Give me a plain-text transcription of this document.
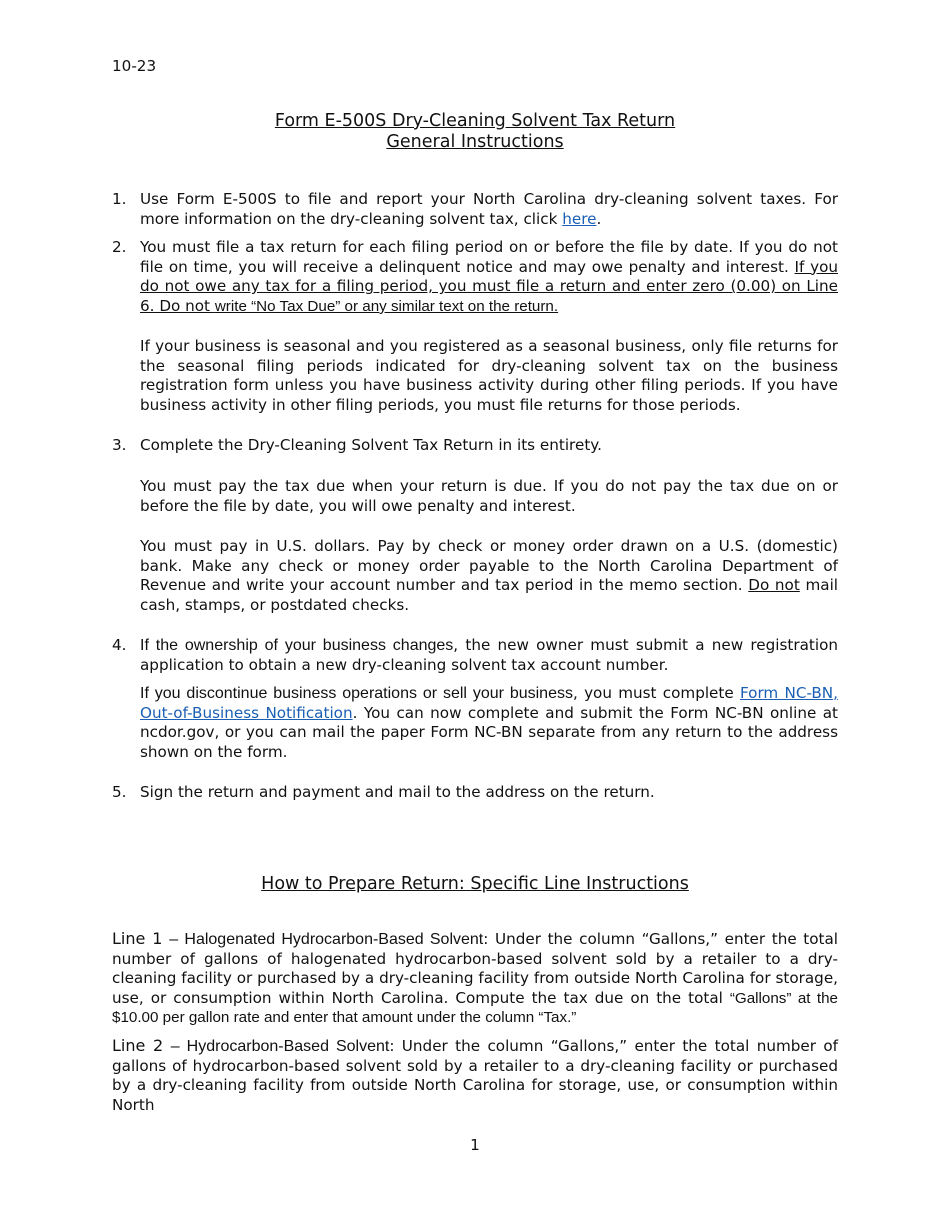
10-23
Form E-500S Dry-Cleaning Solvent Tax Return
General Instructions
1. Use Form E-500S to file and report your North Carolina dry-cleaning solvent taxes. For more information on the dry-cleaning solvent tax, click here.
2. You must file a tax return for each filing period on or before the file by date. If you do not file on time, you will receive a delinquent notice and may owe penalty and interest. If you do not owe any tax for a filing period, you must file a return and enter zero (0.00) on Line 6. Do not write “No Tax Due” or any similar text on the return.
If your business is seasonal and you registered as a seasonal business, only file returns for the seasonal filing periods indicated for dry-cleaning solvent tax on the business registration form unless you have business activity during other filing periods. If you have business activity in other filing periods, you must file returns for those periods.
3. Complete the Dry-Cleaning Solvent Tax Return in its entirety.
You must pay the tax due when your return is due. If you do not pay the tax due on or before the file by date, you will owe penalty and interest.
You must pay in U.S. dollars. Pay by check or money order drawn on a U.S. (domestic) bank. Make any check or money order payable to the North Carolina Department of Revenue and write your account number and tax period in the memo section. Do not mail cash, stamps, or postdated checks.
4. If the ownership of your business changes, the new owner must submit a new registration application to obtain a new dry-cleaning solvent tax account number.
If you discontinue business operations or sell your business, you must complete Form NC-BN, Out-of-Business Notification. You can now complete and submit the Form NC-BN online at ncdor.gov, or you can mail the paper Form NC-BN separate from any return to the address shown on the form.
5. Sign the return and payment and mail to the address on the return.
How to Prepare Return: Specific Line Instructions
Line 1 – Halogenated Hydrocarbon-Based Solvent: Under the column “Gallons,” enter the total number of gallons of halogenated hydrocarbon-based solvent sold by a retailer to a dry-cleaning facility or purchased by a dry-cleaning facility from outside North Carolina for storage, use, or consumption within North Carolina. Compute the tax due on the total “Gallons” at the $10.00 per gallon rate and enter that amount under the column “Tax.”
Line 2 – Hydrocarbon-Based Solvent: Under the column “Gallons,” enter the total number of gallons of hydrocarbon-based solvent sold by a retailer to a dry-cleaning facility or purchased by a dry-cleaning facility from outside North Carolina for storage, use, or consumption within North
1
